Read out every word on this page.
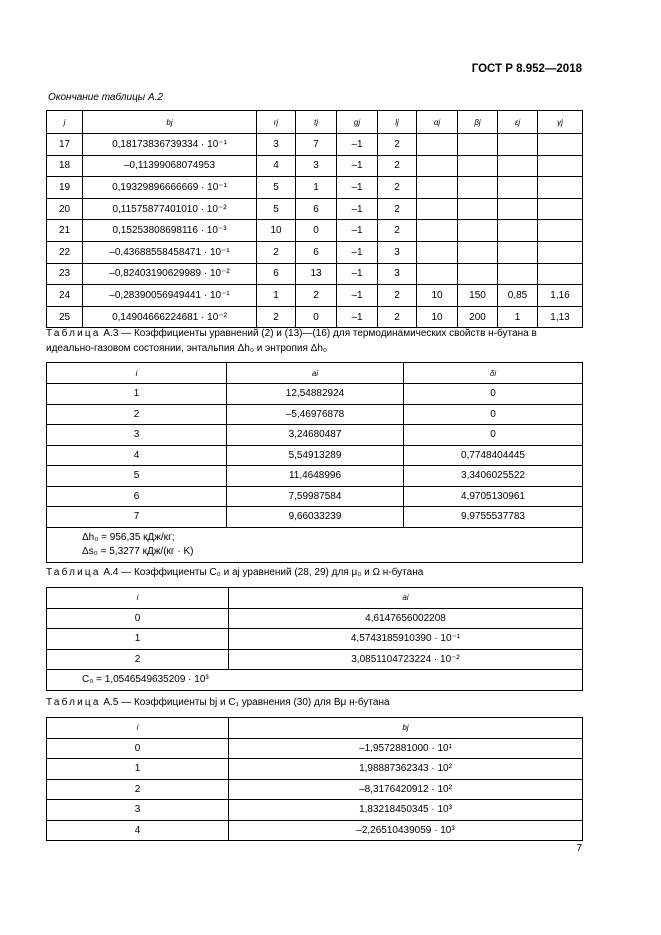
ГОСТ Р 8.952—2018
Окончание таблицы А.2
j	bj	rj	tj	gj	lj	αj	βj	εj	γj
17	0,18173836739334 · 10⁻¹	3	7	–1	2				
18	–0,11399068074953	4	3	–1	2				
19	0,19329896666669 · 10⁻¹	5	1	–1	2				
20	0,11575877401010 · 10⁻²	5	6	–1	2				
21	0,15253808698116 · 10⁻³	10	0	–1	2				
22	–0,43688558458471 · 10⁻¹	2	6	–1	3				
23	–0,82403190629989 · 10⁻²	6	13	–1	3				
24	–0,28390056949441 · 10⁻¹	1	2	–1	2	10	150	0,85	1,16
25	0,14904666224681 · 10⁻²	2	0	–1	2	10	200	1	1,13
Таблица А.3 — Коэффициенты уравнений (2) и (13)—(16) для термодинамических свойств н-бутана в идеально-газовом состоянии, энтальпия Δh₀ и энтропия Δh₀
i	ai	δi
1	12,54882924	0
2	–5,46976878	0
3	3,24680487	0
4	5,54913289	0,7748404445
5	11,4648996	3,3406025522
6	7,59987584	4,9705130961
7	9,66033239	9,9755537783

Δh₀ = 956,35 кДж/кг;
Δs₀ = 5,3277 кДж/(кг · K)		
Таблица А.4 — Коэффициенты C₀ и aj уравнений (28, 29) для μ₀ и Ω н-бутана
i	ai
0	4,6147656002208
1	4,5743185910390 · 10⁻¹
2	3,0851104723224 · 10⁻²
C₀ = 1,0546549635209 · 10³	
Таблица А.5 — Коэффициенты bj и C₁ уравнения (30) для Bμ н-бутана
i	bj
0	–1,9572881000 · 10¹
1	1,98887362343 · 10²
2	–8,3176420912 · 10²
3	1,83218450345 · 10³
4	–2,26510439059 · 10³
7
